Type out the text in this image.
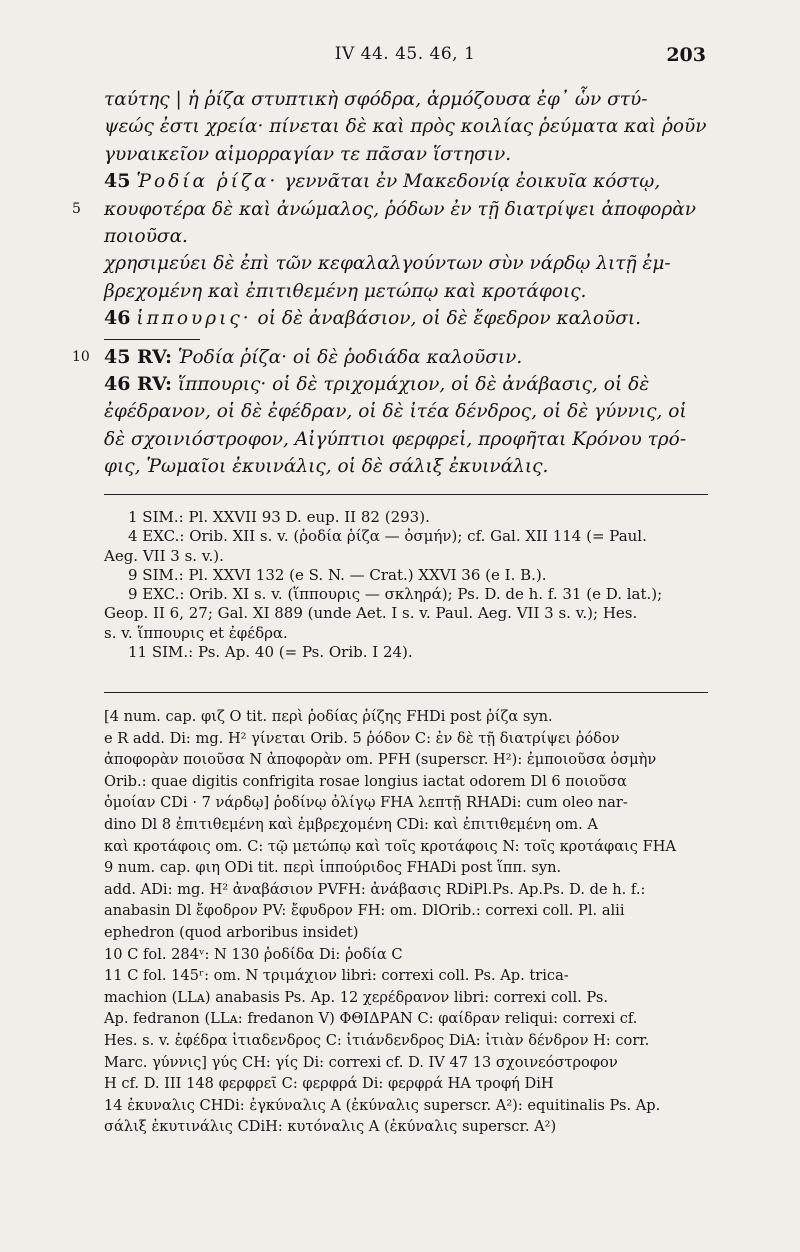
IV 44. 45. 46, 1	203
ταύτης | ἡ ῥίζα στυπτικὴ σφόδρα, ἁρμόζουσα ἐφ᾽ ὧν στύ-
ψεώς ἐστι χρεία· πίνεται δὲ καὶ πρὸς κοιλίας ῥεύματα καὶ ῥοῦν
γυναικεῖον αἱμορραγίαν τε πᾶσαν ἵστησιν.
45 Ῥοδία ῥίζα· γεννᾶται ἐν Μακεδονίᾳ ἐοικυῖα κόστῳ,
5 κουφοτέρα δὲ καὶ ἀνώμαλος, ῥόδων ἐν τῇ διατρίψει ἀποφορὰν
ποιοῦσα.
χρησιμεύει δὲ ἐπὶ τῶν κεφαλαλγούντων σὺν νάρδῳ λιτῇ ἐμ-
βρεχομένη καὶ ἐπιτιθεμένη μετώπῳ καὶ κροτάφοις.
46 ἱππουρις· οἱ δὲ ἀναβάσιον, οἱ δὲ ἔφεδρον καλοῦσι.
10 45 RV: Ῥοδία ῥίζα· οἱ δὲ ῥοδιάδα καλοῦσιν.
46 RV: ἵππουρις· οἱ δὲ τριχομάχιον, οἱ δὲ ἀνάβασις, οἱ δὲ
ἐφέδρανον, οἱ δὲ ἐφέδραν, οἱ δὲ ἰτέα δένδρος, οἱ δὲ γύννις, οἱ
δὲ σχοινιόστροφον, Αἰγύπτιοι φερφρεἱ, προφῆται Κρόνου τρό-
φις, Ῥωμαῖοι ἐκυινάλις, οἱ δὲ σάλιξ ἐκυινάλις.
1 SIM.: Pl. XXVII 93 D. eup. II 82 (293).
4 EXC.: Orib. XII s. v. (ῥοδία ῥίζα — ὀσμήν); cf. Gal. XII 114 (= Paul.
Aeg. VII 3 s. v.).
9 SIM.: Pl. XXVI 132 (e S. N. — Crat.) XXVI 36 (e I. B.).
9 EXC.: Orib. XI s. v. (ἵππουρις — σκληρά); Ps. D. de h. f. 31 (e D. lat.);
Geop. II 6, 27; Gal. XI 889 (unde Aet. I s. v. Paul. Aeg. VII 3 s. v.); Hes.
s. v. ἵππουρις et ἐφέδρα.
11 SIM.: Ps. Ap. 40 (= Ps. Orib. I 24).
[4 num. cap. φιζ O tit. περὶ ῥοδίας ῥίζης FHDi post ῥίζα syn.
e R add. Di: mg. H² γίνεται Orib. 5 ῥόδον C: ἐν δὲ τῇ διατρίψει ῥόδον
ἀποφορὰν ποιοῦσα N ἀποφορὰν om. PFH (superscr. H²): ἐμποιοῦσα ὀσμὴν
Orib.: quae digitis confrigita rosae longius iactat odorem Dl 6 ποιοῦσα
ὁμοίαν CDi · 7 νάρδῳ] ῥοδίνῳ ὀλίγῳ FHA λεπτῇ RHADi: cum oleo nar-
dino Dl 8 ἐπιτιθεμένη καὶ ἐμβρεχομένη CDi: καὶ ἐπιτιθεμένη om. A
καὶ κροτάφοις om. C: τῷ μετώπῳ καὶ τοῖς κροτάφοις N: τοῖς κροτάφαις FHA
9 num. cap. φιη ODi tit. περὶ ἱππούριδος FHADi post ἵππ. syn.
add. ADi: mg. H² ἀναβάσιον PVFH: ἀνάβασις RDiPl.Ps. Ap.Ps. D. de h. f.:
anabasin Dl ἔφοδρον PV: ἔφυδρον FH: om. DlOrib.: correxi coll. Pl. alii
ephedron (quod arboribus insidet)
10 C fol. 284ᵛ: N 130 ῥοδίδα Di: ῥοδία C
11 C fol. 145ʳ: om. N τριμάχιον libri: correxi coll. Ps. Ap. trica-
machion (LLᴀ) anabasis Ps. Ap. 12 χερέδρανον libri: correxi coll. Ps.
Ap. fedranon (LLᴀ: fredanon V) ΦΘΙΔΡΑΝ C: φαίδραν reliqui: correxi cf.
Hes. s. v. ἐφέδρα ἰτιαδενδρος C: ἰτιάνδενδρος DiA: ἰτιὰν δένδρον H: corr.
Marc. γύννις] γύς CH: γίς Di: correxi cf. D. IV 47 13 σχοινεόστροφον
H cf. D. III 148 φερφρεῖ C: φερφρά Di: φερφρά HA τροφή DiH
14 ἐκυναλις CHDi: ἐγκύναλις A (ἐκύναλις superscr. A²): equitinalis Ps. Ap.
σάλιξ ἐκυτινάλις CDiH: κυτόναλις A (ἐκύναλις superscr. A²)
